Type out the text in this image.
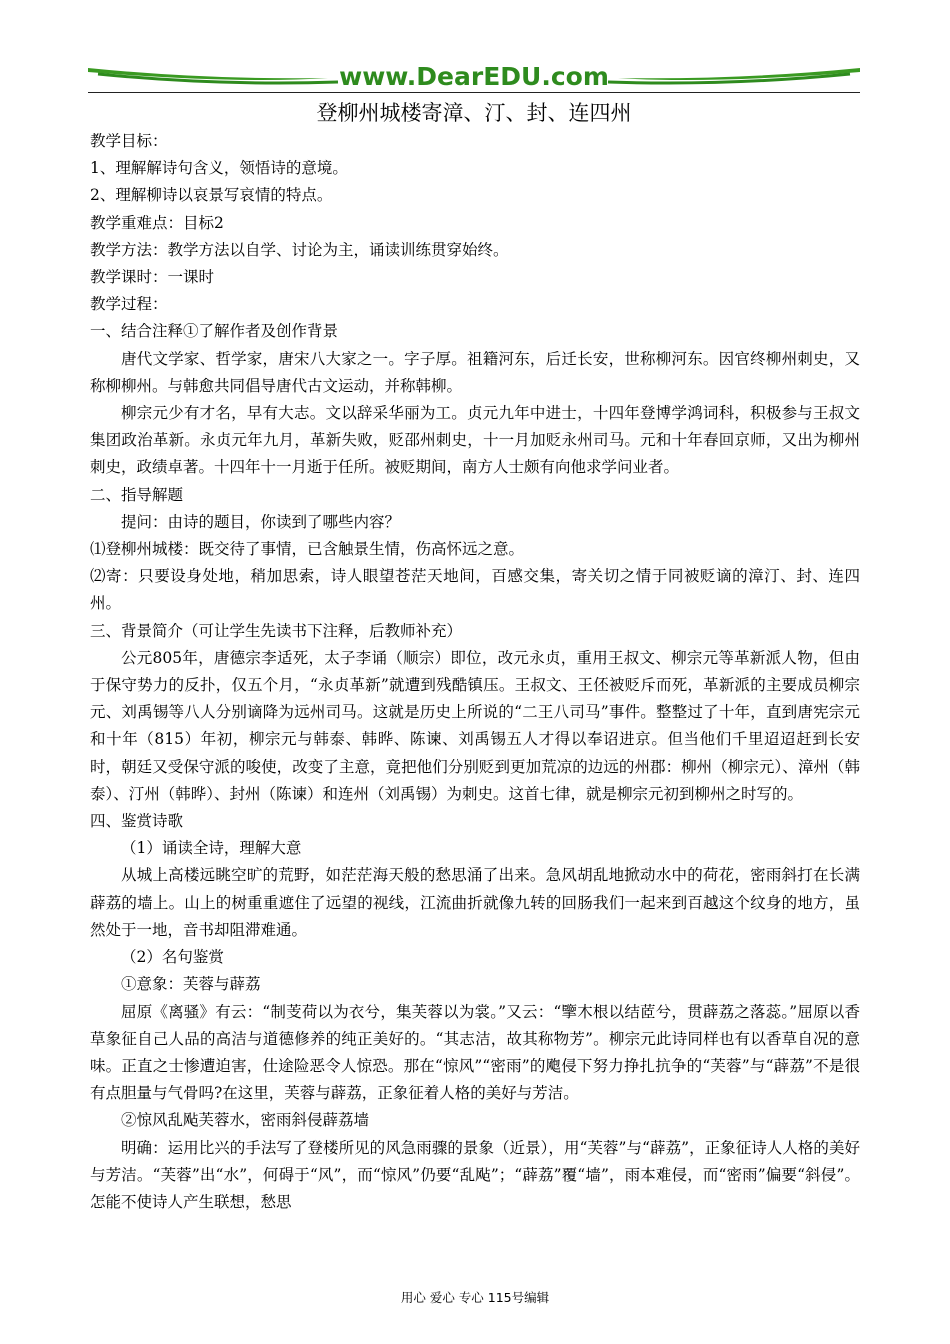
www.DearEDU.com
登柳州城楼寄漳、汀、封、连四州

教学目标：

1、理解解诗句含义，领悟诗的意境。

2、理解柳诗以哀景写哀情的特点。

教学重难点：目标2

教学方法：教学方法以自学、讨论为主，诵读训练贯穿始终。

教学课时：一课时

教学过程：

一、结合注释①了解作者及创作背景

唐代文学家、哲学家，唐宋八大家之一。字子厚。祖籍河东，后迁长安，世称柳河东。因官终柳州刺史，又称柳柳州。与韩愈共同倡导唐代古文运动，并称韩柳。

柳宗元少有才名，早有大志。文以辞采华丽为工。贞元九年中进士，十四年登博学鸿词科，积极参与王叔文集团政治革新。永贞元年九月，革新失败，贬邵州刺史，十一月加贬永州司马。元和十年春回京师，又出为柳州刺史，政绩卓著。十四年十一月逝于任所。被贬期间，南方人士颇有向他求学问业者。

二、指导解题

提问：由诗的题目，你读到了哪些内容？

⑴登柳州城楼：既交待了事情，已含触景生情，伤高怀远之意。

⑵寄：只要设身处地，稍加思索，诗人眼望苍茫天地间，百感交集，寄关切之情于同被贬谪的漳汀、封、连四州。

三、背景简介（可让学生先读书下注释，后教师补充）

公元805年，唐德宗李适死，太子李诵（顺宗）即位，改元永贞，重用王叔文、柳宗元等革新派人物，但由于保守势力的反扑，仅五个月，“永贞革新”就遭到残酷镇压。王叔文、王伾被贬斥而死，革新派的主要成员柳宗元、刘禹锡等八人分别谪降为远州司马。这就是历史上所说的“二王八司马”事件。整整过了十年，直到唐宪宗元和十年（815）年初，柳宗元与韩泰、韩晔、陈谏、刘禹锡五人才得以奉诏进京。但当他们千里迢迢赶到长安时，朝廷又受保守派的唆使，改变了主意，竟把他们分别贬到更加荒凉的边远的州郡：柳州（柳宗元）、漳州（韩泰）、汀州（韩晔）、封州（陈谏）和连州（刘禹锡）为刺史。这首七律，就是柳宗元初到柳州之时写的。

四、鉴赏诗歌

（1）诵读全诗，理解大意

从城上高楼远眺空旷的荒野，如茫茫海天般的愁思涌了出来。急风胡乱地掀动水中的荷花，密雨斜打在长满薜荔的墙上。山上的树重重遮住了远望的视线，江流曲折就像九转的回肠我们一起来到百越这个纹身的地方，虽然处于一地，音书却阻滞难通。

（2）名句鉴赏

①意象：芙蓉与薜荔

屈原《离骚》有云：“制芰荷以为衣兮，集芙蓉以为裳。”又云：“擥木根以结茝兮，贯薜荔之落蕊。”屈原以香草象征自己人品的高洁与道德修养的纯正美好的。“其志洁，故其称物芳”。柳宗元此诗同样也有以香草自况的意味。正直之士惨遭迫害，仕途险恶令人惊恐。那在“惊风”“密雨”的飑侵下努力挣扎抗争的“芙蓉”与“薜荔”不是很有点胆量与气骨吗?在这里，芙蓉与薜荔，正象征着人格的美好与芳洁。

②惊风乱飐芙蓉水，密雨斜侵薜荔墙

明确：运用比兴的手法写了登楼所见的风急雨骤的景象（近景），用“芙蓉”与“薜荔”，正象征诗人人格的美好与芳洁。“芙蓉”出“水”，何碍于“风”，而“惊风”仍要“乱飐”；“薜荔”覆“墙”，雨本难侵，而“密雨”偏要“斜侵”。怎能不使诗人产生联想，愁思

用心 爱心 专心 115号编辑
